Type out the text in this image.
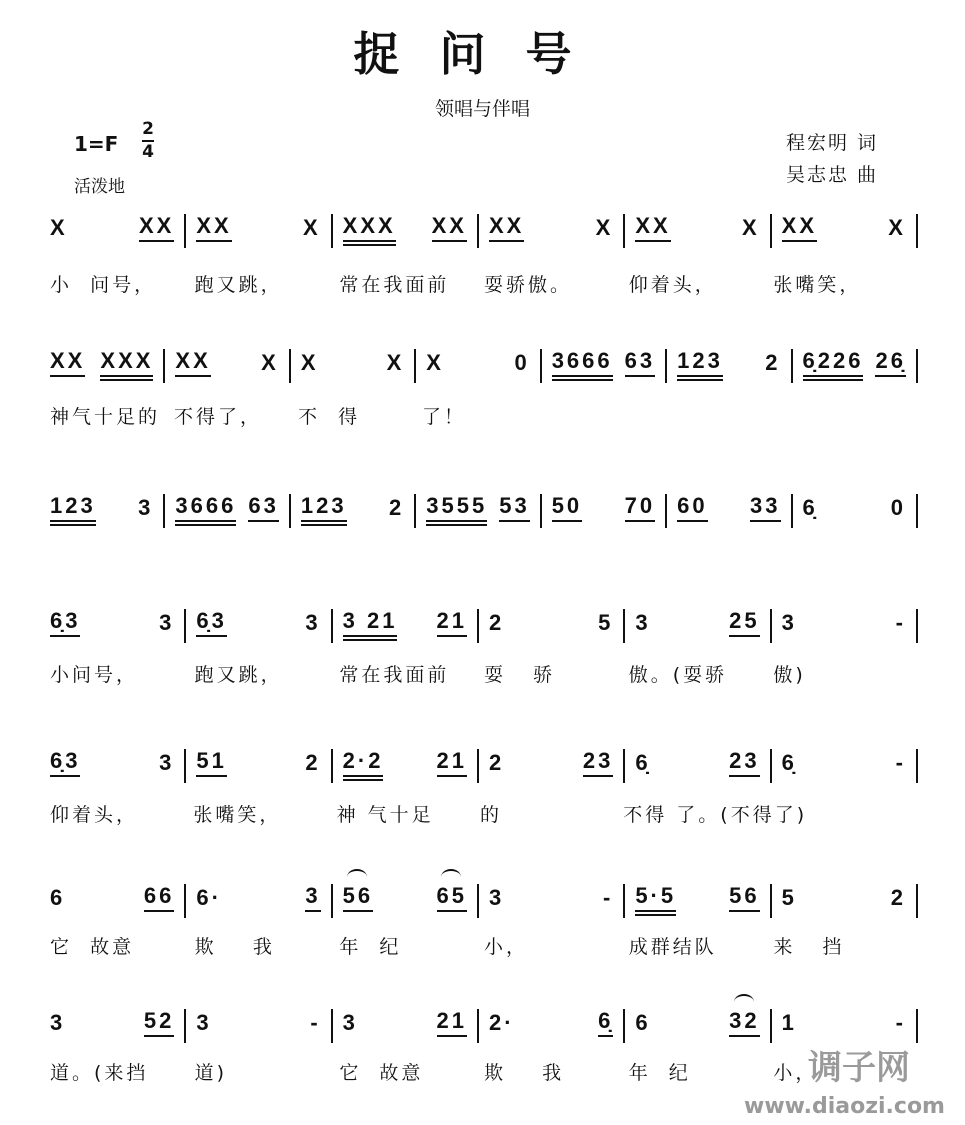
捉问号
领唱与伴唱
1=F
2
4
活泼地
程宏明 词
吴志忠 曲
X	XX XX	X XXX XX XX	X XX	X XX	X
小  问号，	跑又跳，	常在我面前	耍骄傲。	仰着头，	张嘴笑，
XX XXX XX X X	X X	0 3666 63 123 2 6̣226 26̣
神气十足的 不得了，	不  得	了！
123 3 3666 63 123 2 3555 53 50 70 60 33 6̣	0
6̣3	3 6̣3	3 3 21 21 2	5 3	25 3	-
小问号，	跑又跳，	常在我面前	耍   骄	傲。(耍骄	傲)
6̣3	3 51	2 2·2 21 2	23 6̣	23 6̣	-
仰着头，	张嘴笑，	神 气十足	的	不得 了。(不得 了)
6	66 6·	3 56	65 3	- 5·5 56 5	2
它  故意	欺    我	年  纪	小，	成群结队	来   挡
3	52 3	- 3	21 2·	6̣ 6	32 1	-
道。(来挡	道)	它  故意	欺    我	年  纪	小，
调子网
www.diaozi.com
